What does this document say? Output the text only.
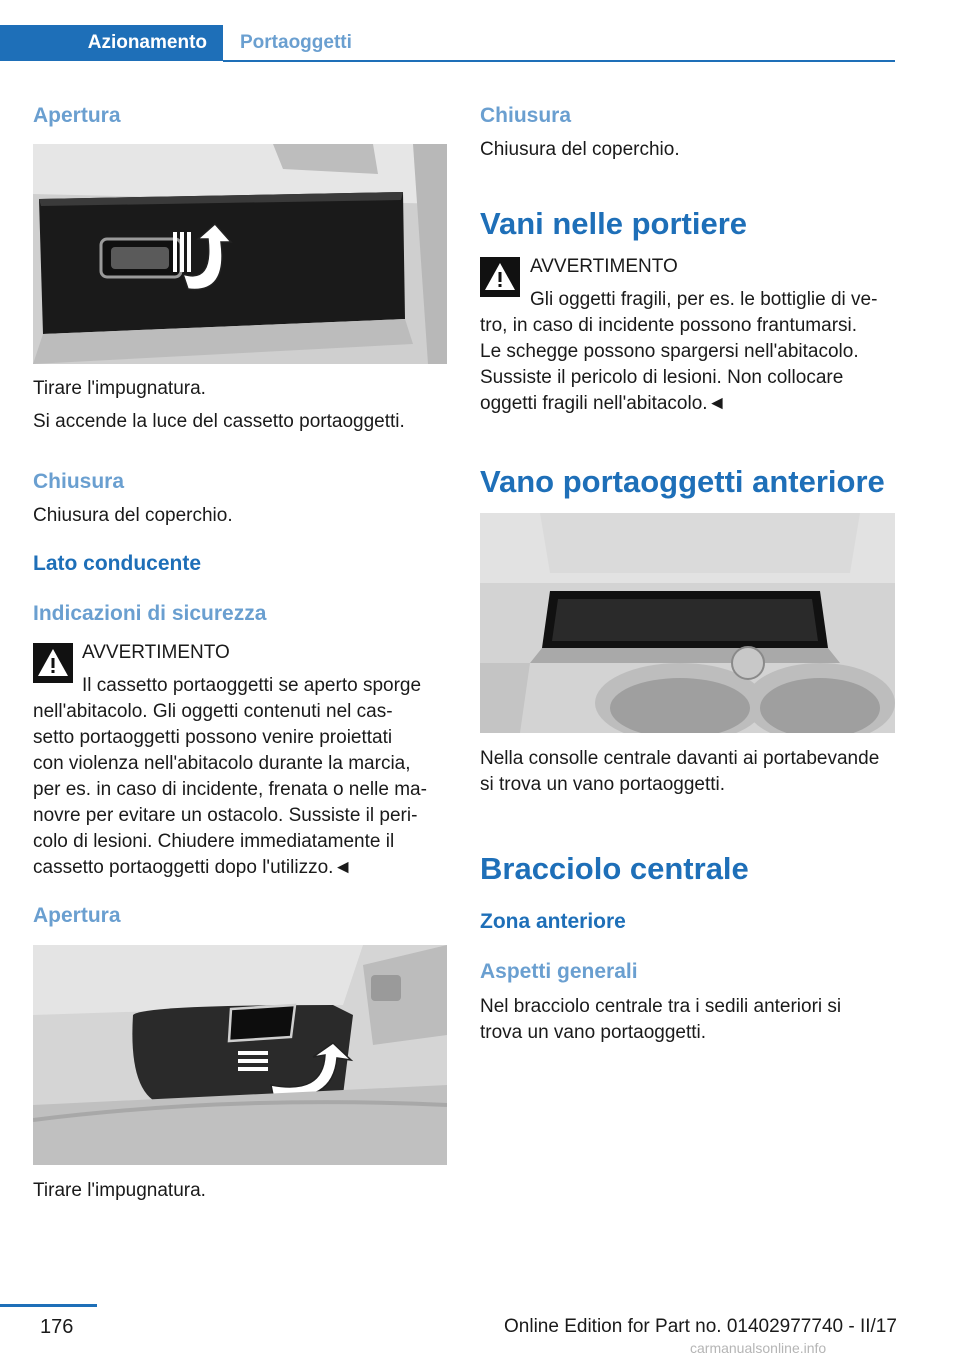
Azionamento	Portaoggetti
Apertura
Tirare l'impugnatura.
Si accende la luce del cassetto portaoggetti.
Chiusura
Chiusura del coperchio.
Lato conducente
Indicazioni di sicurezza
AVVERTIMENTO
Il cassetto portaoggetti se aperto sporge
nell'abitacolo. Gli oggetti contenuti nel cas-
setto portaoggetti possono venire proiettati
con violenza nell'abitacolo durante la marcia,
per es. in caso di incidente, frenata o nelle ma-
novre per evitare un ostacolo. Sussiste il peri-
colo di lesioni. Chiudere immediatamente il
cassetto portaoggetti dopo l'utilizzo.◄
Apertura
Tirare l'impugnatura.
Chiusura
Chiusura del coperchio.
Vani nelle portiere
AVVERTIMENTO
Gli oggetti fragili, per es. le bottiglie di ve-
tro, in caso di incidente possono frantumarsi.
Le schegge possono spargersi nell'abitacolo.
Sussiste il pericolo di lesioni. Non collocare
oggetti fragili nell'abitacolo.◄
Vano portaoggetti anteriore
Nella consolle centrale davanti ai portabevande
si trova un vano portaoggetti.
Bracciolo centrale
Zona anteriore
Aspetti generali
Nel bracciolo centrale tra i sedili anteriori si
trova un vano portaoggetti.
176	Online Edition for Part no. 01402977740 - II/17
carmanualsonline.info
